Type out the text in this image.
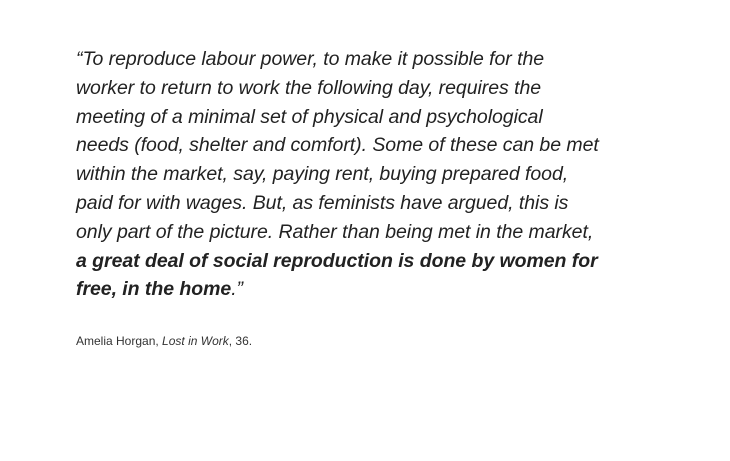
“To reproduce labour power, to make it possible for the
worker to return to work the following day, requires the
meeting of a minimal set of physical and psychological
needs (food, shelter and comfort). Some of these can be met
within the market, say, paying rent, buying prepared food,
paid for with wages. But, as feminists have argued, this is
only part of the picture. Rather than being met in the market,
a great deal of social reproduction is done by women for
free, in the home.”

Amelia Horgan, Lost in Work, 36.
